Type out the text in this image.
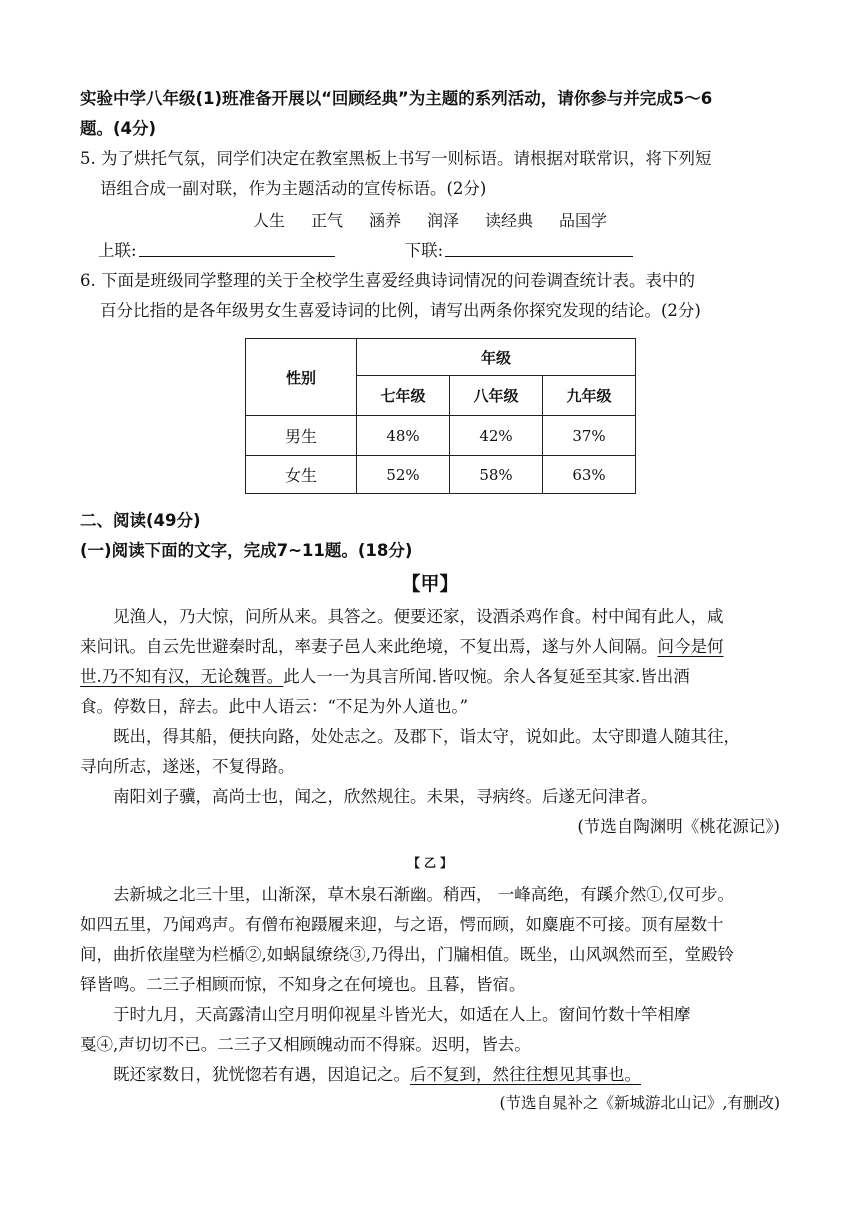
实验中学八年级(1)班准备开展以“回顾经典”为主题的系列活动，请你参与并完成5～6
题。(4分)
5. 为了烘托气氛，同学们决定在教室黑板上书写一则标语。请根据对联常识，将下列短
语组合成一副对联，作为主题活动的宣传标语。(2分)
人生 正气 涵养 润泽 读经典 品国学
上联:	下联:
6. 下面是班级同学整理的关于全校学生喜爱经典诗词情况的问卷调查统计表。表中的
百分比指的是各年级男女生喜爱诗词的比例，请写出两条你探究发现的结论。(2分)
性别	年级		
	七年级	八年级	九年级
男生	48%	42%	37%
女生	52%	58%	63%
二、阅读(49分)
(一)阅读下面的文字，完成7~11题。(18分)
【甲】
见渔人，乃大惊，问所从来。具答之。便要还家，设酒杀鸡作食。村中闻有此人，咸
来问讯。自云先世避秦时乱，率妻子邑人来此绝境，不复出焉，遂与外人间隔。问今是何
世.乃不知有汉，无论魏晋。此人一一为具言所闻.皆叹惋。余人各复延至其家.皆出酒
食。停数日，辞去。此中人语云：“不足为外人道也。”
既出，得其船，便扶向路，处处志之。及郡下，诣太守，说如此。太守即遣人随其往，
寻向所志，遂迷，不复得路。
南阳刘子骥，高尚士也，闻之，欣然规往。未果，寻病终。后遂无问津者。
(节选自陶渊明《桃花源记》)
【 乙 】
去新城之北三十里，山渐深，草木泉石渐幽。稍西， 一峰高绝，有蹊介然①,仅可步。
如四五里，乃闻鸡声。有僧布袍蹑履来迎，与之语，愕而顾，如麋鹿不可接。顶有屋数十
间，曲折依崖壁为栏楯②,如蜗鼠缭绕③,乃得出，门牖相值。既坐，山风飒然而至，堂殿铃
铎皆鸣。二三子相顾而惊，不知身之在何境也。且暮，皆宿。
于时九月，天高露清山空月明仰视星斗皆光大，如适在人上。窗间竹数十竿相摩
戛④,声切切不已。二三子又相顾魄动而不得寐。迟明，皆去。
既还家数日，犹恍惚若有遇，因追记之。后不复到，然往往想见其事也。
(节选自晁补之《新城游北山记》,有删改)
